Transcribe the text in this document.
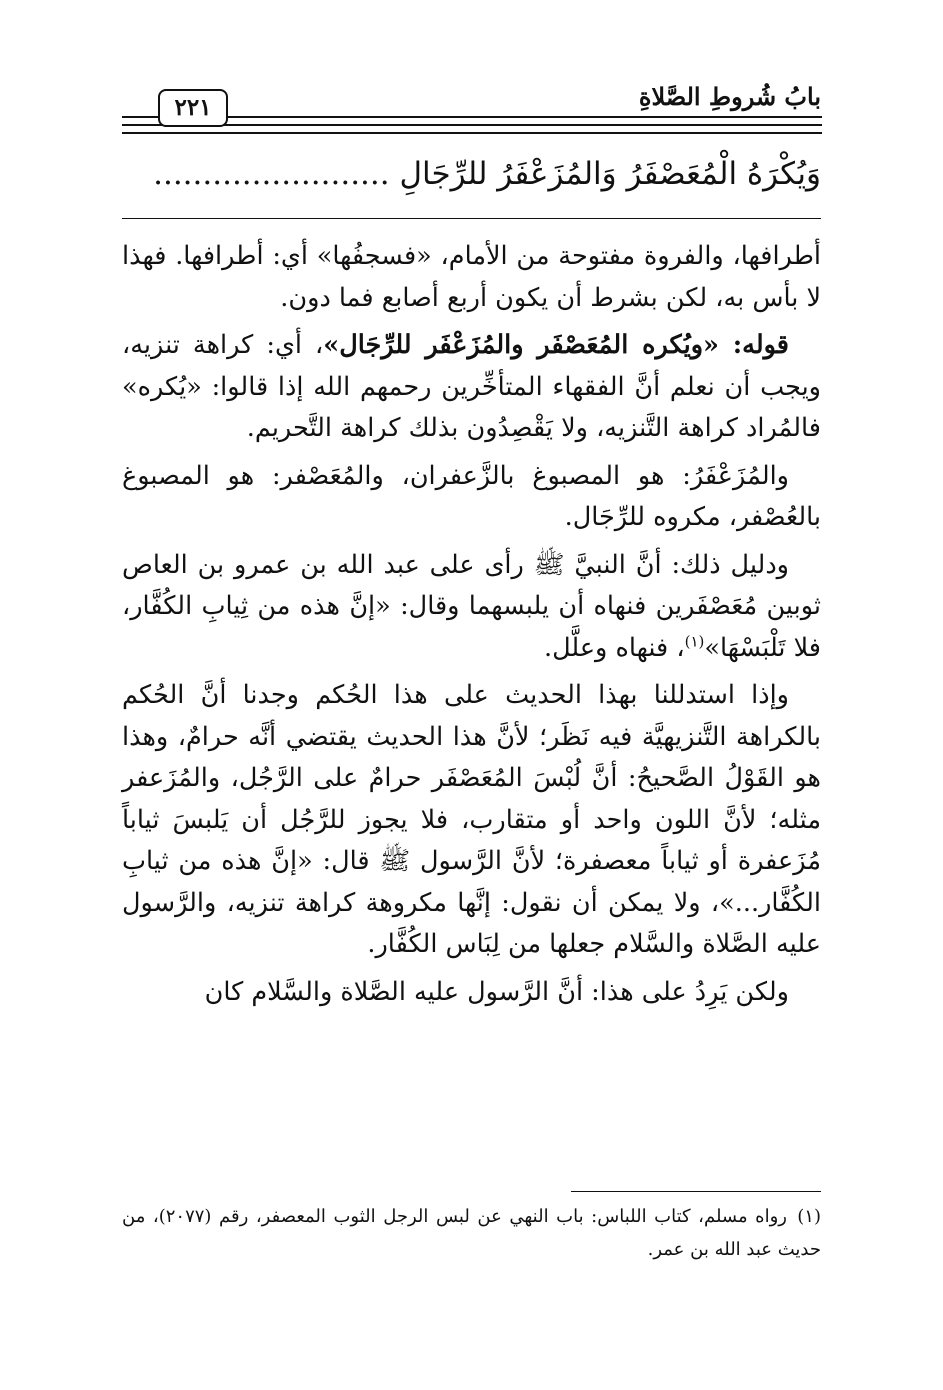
بابُ شُروطِ الصَّلاةِ
٢٢١
وَيُكْرَهُ الْمُعَصْفَرُ وَالمُزَعْفَرُ للرِّجَالِ ........................

أطرافها، والفروة مفتوحة من الأمام، «فسجفُها» أي: أطرافها. فهذا لا بأس به، لكن بشرط أن يكون أربع أصابع فما دون.

قوله: «ويُكره المُعَصْفَر والمُزَعْفَر للرِّجَال»، أي: كراهة تنزيه، ويجب أن نعلم أنَّ الفقهاء المتأخِّرين رحمهم الله إذا قالوا: «يُكره» فالمُراد كراهة التَّنزيه، ولا يَقْصِدُون بذلك كراهة التَّحريم.

والمُزَعْفَرُ: هو المصبوغ بالزَّعفران، والمُعَصْفر: هو المصبوغ بالعُصْفر، مكروه للرِّجَال.

ودليل ذلك: أنَّ النبيَّ ﷺ رأى على عبد الله بن عمرو بن العاص ثوبين مُعَصْفَرين فنهاه أن يلبسهما وقال: «إنَّ هذه من ثِيابِ الكُفَّار، فلا تَلْبَسْهَا»$^{(١)}$، فنهاه وعلَّل.

وإذا استدللنا بهذا الحديث على هذا الحُكم وجدنا أنَّ الحُكم بالكراهة التَّنزيهيَّة فيه نَظَر؛ لأنَّ هذا الحديث يقتضي أنَّه حرامٌ، وهذا هو القَوْلُ الصَّحيحُ: أنَّ لُبْسَ المُعَصْفَر حرامٌ على الرَّجُل، والمُزَعفر مثله؛ لأنَّ اللون واحد أو متقارب، فلا يجوز للرَّجُل أن يَلبسَ ثياباً مُزَعفرة أو ثياباً معصفرة؛ لأنَّ الرَّسول ﷺ قال: «إنَّ هذه من ثيابِ الكُفَّار...»، ولا يمكن أن نقول: إنَّها مكروهة كراهة تنزيه، والرَّسول عليه الصَّلاة والسَّلام جعلها من لِبَاس الكُفَّار.

ولكن يَرِدُ على هذا: أنَّ الرَّسول عليه الصَّلاة والسَّلام كان

(١)رواه مسلم، كتاب اللباس: باب النهي عن لبس الرجل الثوب المعصفر، رقم (٢٠٧٧)، من حديث عبد الله بن عمر.
